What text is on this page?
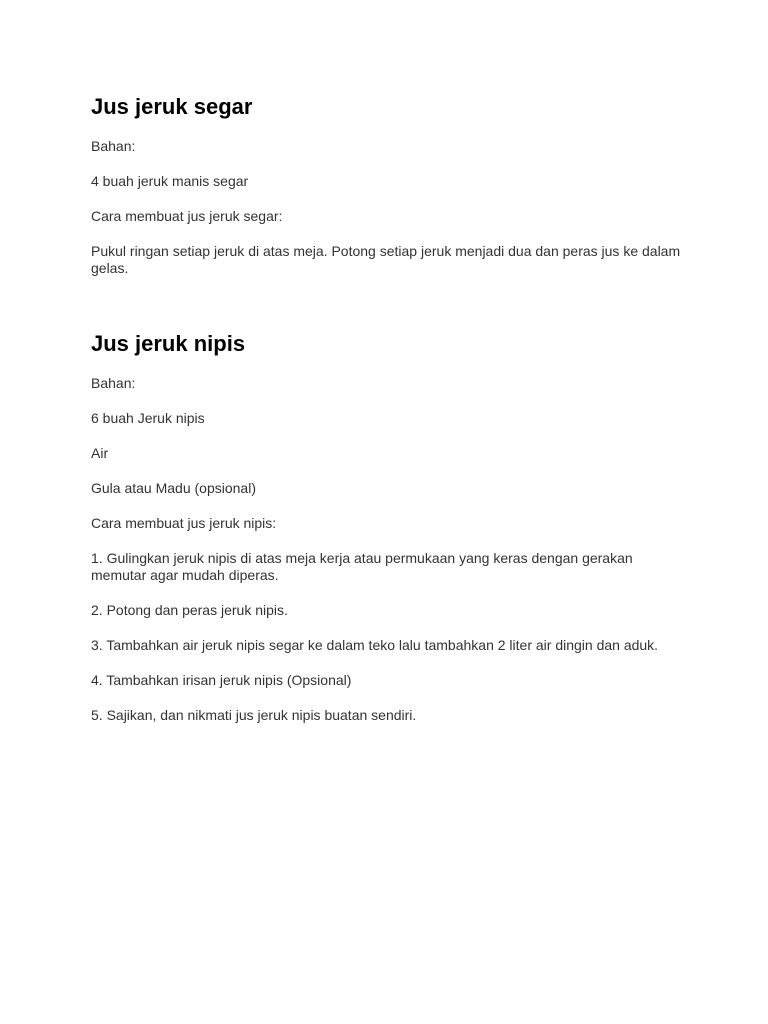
Jus jeruk segar

Bahan:

4 buah jeruk manis segar

Cara membuat jus jeruk segar:

Pukul ringan setiap jeruk di atas meja. Potong setiap jeruk menjadi dua dan peras jus ke dalam gelas.

Jus jeruk nipis

Bahan:

6 buah Jeruk nipis

Air

Gula atau Madu (opsional)

Cara membuat jus jeruk nipis:

1. Gulingkan jeruk nipis di atas meja kerja atau permukaan yang keras dengan gerakan memutar agar mudah diperas.

2. Potong dan peras jeruk nipis.

3. Tambahkan air jeruk nipis segar ke dalam teko lalu tambahkan 2 liter air dingin dan aduk.

4. Tambahkan irisan jeruk nipis (Opsional)

5. Sajikan, dan nikmati jus jeruk nipis buatan sendiri.
